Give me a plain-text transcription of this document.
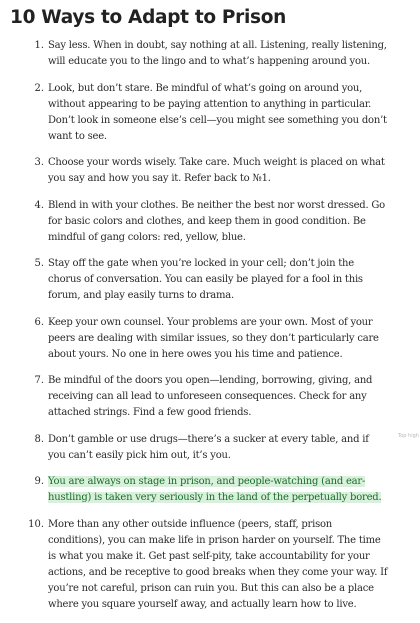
10 Ways to Adapt to Prison
1. Say less. When in doubt, say nothing at all. Listening, really listening, will educate you to the lingo and to what’s happening around you.
2. Look, but don’t stare. Be mindful of what’s going on around you, without appearing to be paying attention to anything in particular. Don’t look in someone else’s cell—you might see something you don’t want to see.
3. Choose your words wisely. Take care. Much weight is placed on what you say and how you say it. Refer back to №1.
4. Blend in with your clothes. Be neither the best nor worst dressed. Go for basic colors and clothes, and keep them in good condition. Be mindful of gang colors: red, yellow, blue.
5. Stay off the gate when you’re locked in your cell; don’t join the chorus of conversation. You can easily be played for a fool in this forum, and play easily turns to drama.
6. Keep your own counsel. Your problems are your own. Most of your peers are dealing with similar issues, so they don’t particularly care about yours. No one in here owes you his time and patience.
7. Be mindful of the doors you open—lending, borrowing, giving, and receiving can all lead to unforeseen consequences. Check for any attached strings. Find a few good friends.
8. Don’t gamble or use drugs—there’s a sucker at every table, and if you can’t easily pick him out, it’s you.
9. You are always on stage in prison, and people-watching (and ear-hustling) is taken very seriously in the land of the perpetually bored.
10. More than any other outside influence (peers, staff, prison conditions), you can make life in prison harder on yourself. The time is what you make it. Get past self-pity, take accountability for your actions, and be receptive to good breaks when they come your way. If you’re not careful, prison can ruin you. But this can also be a place where you square yourself away, and actually learn how to live.
Top high
